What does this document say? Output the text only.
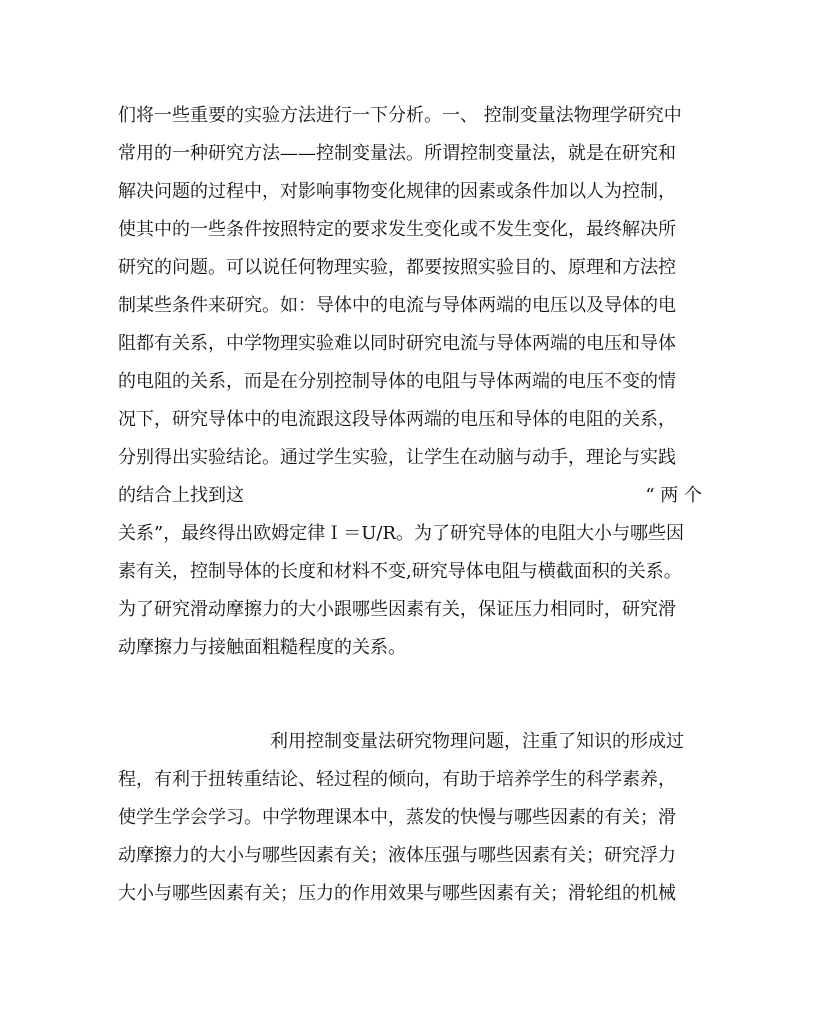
们将一些重要的实验方法进行一下分析。一、 控制变量法物理学研究中
常用的一种研究方法——控制变量法。所谓控制变量法，就是在研究和
解决问题的过程中，对影响事物变化规律的因素或条件加以人为控制，
使其中的一些条件按照特定的要求发生变化或不发生变化，最终解决所
研究的问题。可以说任何物理实验，都要按照实验目的、原理和方法控
制某些条件来研究。如：导体中的电流与导体两端的电压以及导体的电
阻都有关系，中学物理实验难以同时研究电流与导体两端的电压和导体
的电阻的关系，而是在分别控制导体的电阻与导体两端的电压不变的情
况下，研究导体中的电流跟这段导体两端的电压和导体的电阻的关系，
分别得出实验结论。通过学生实验，让学生在动脑与动手，理论与实践
的结合上找到这	“ 两 个
关系”，最终得出欧姆定律Ｉ＝U/R。为了研究导体的电阻大小与哪些因
素有关，控制导体的长度和材料不变,研究导体电阻与横截面积的关系。
为了研究滑动摩擦力的大小跟哪些因素有关，保证压力相同时，研究滑
动摩擦力与接触面粗糙程度的关系。
利用控制变量法研究物理问题，注重了知识的形成过
程，有利于扭转重结论、轻过程的倾向，有助于培养学生的科学素养，
使学生学会学习。中学物理课本中，蒸发的快慢与哪些因素的有关；滑
动摩擦力的大小与哪些因素有关；液体压强与哪些因素有关；研究浮力
大小与哪些因素有关；压力的作用效果与哪些因素有关；滑轮组的机械
